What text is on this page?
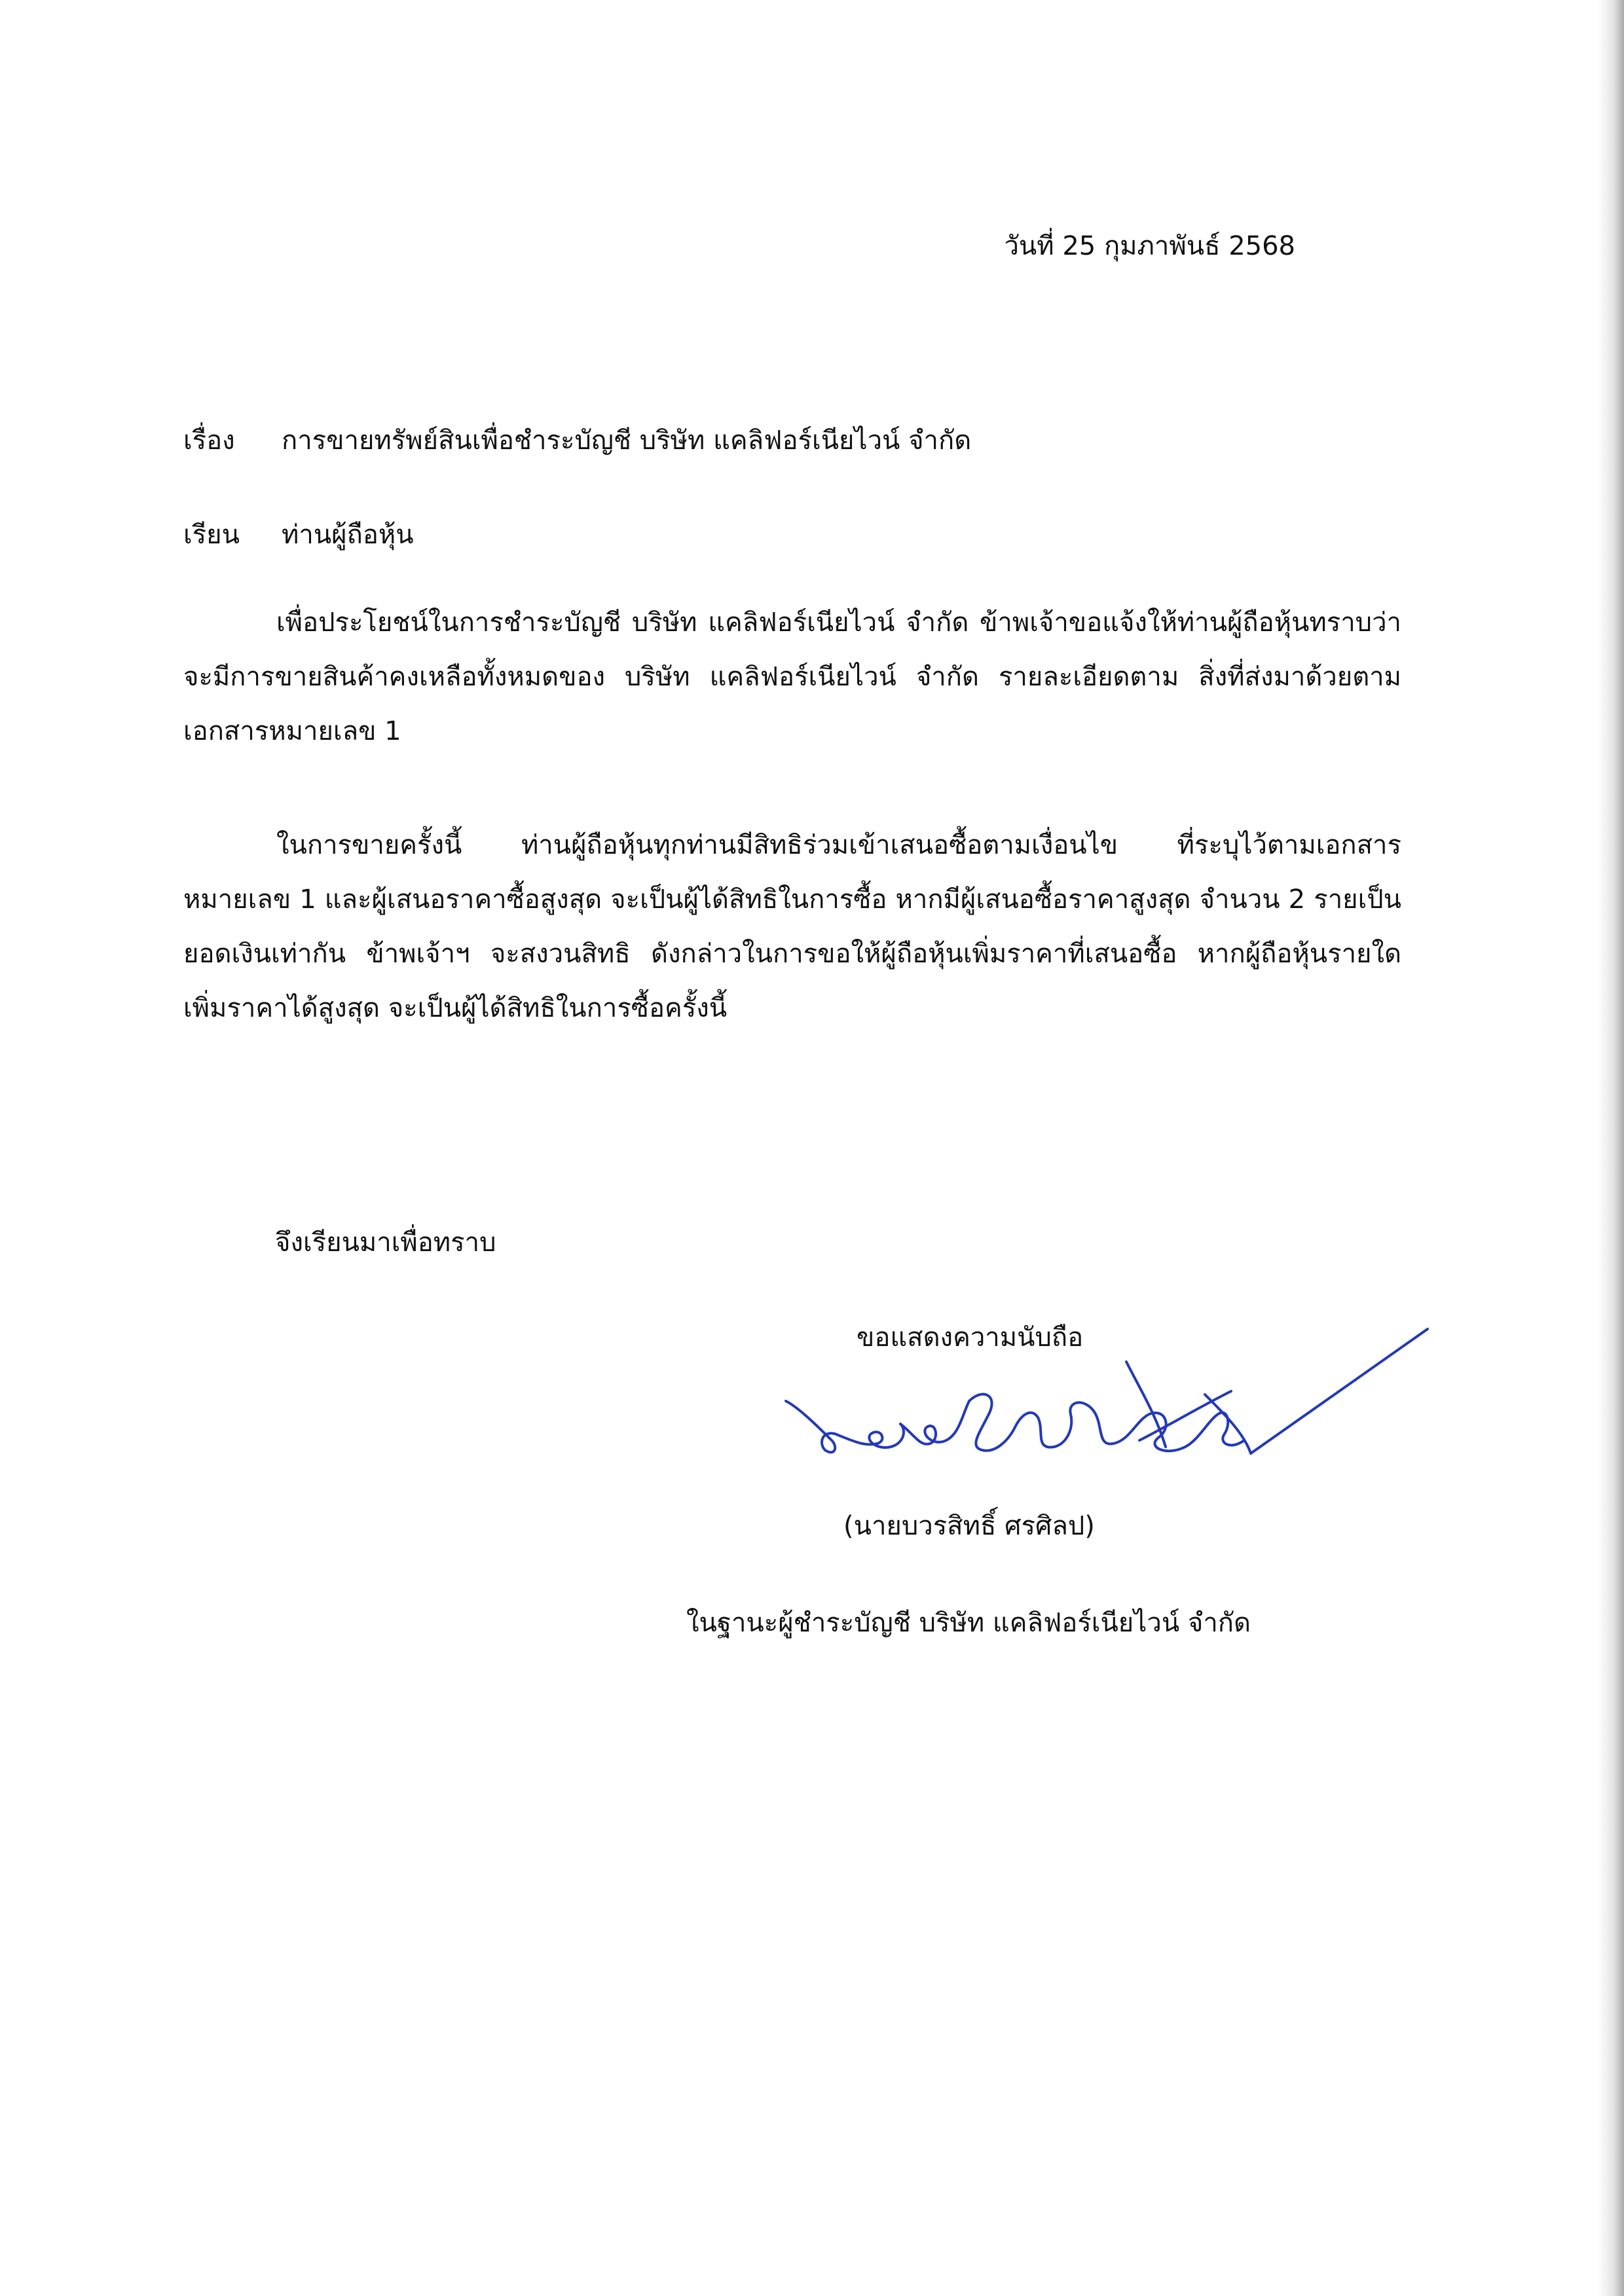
วันที่ 25 กุมภาพันธ์ 2568
เรื่อง การขายทรัพย์สินเพื่อชำระบัญชี บริษัท แคลิฟอร์เนียไวน์ จำกัด
เรียน ท่านผู้ถือหุ้น
เพื่อประโยชน์ในการชำระบัญชี บริษัท แคลิฟอร์เนียไวน์ จำกัด ข้าพเจ้าขอแจ้งให้ท่านผู้ถือหุ้นทราบว่า จะมีการขายสินค้าคงเหลือทั้งหมดของ บริษัท แคลิฟอร์เนียไวน์ จำกัด รายละเอียดตาม สิ่งที่ส่งมาด้วยตามเอกสารหมายเลข 1
ในการขายครั้งนี้ ท่านผู้ถือหุ้นทุกท่านมีสิทธิร่วมเข้าเสนอซื้อตามเงื่อนไข ที่ระบุไว้ตามเอกสารหมายเลข 1 และผู้เสนอราคาซื้อสูงสุด จะเป็นผู้ได้สิทธิในการซื้อ หากมีผู้เสนอซื้อราคาสูงสุด จำนวน 2 รายเป็นยอดเงินเท่ากัน ข้าพเจ้าฯ จะสงวนสิทธิ ดังกล่าวในการขอให้ผู้ถือหุ้นเพิ่มราคาที่เสนอซื้อ หากผู้ถือหุ้นรายใด เพิ่มราคาได้สูงสุด จะเป็นผู้ได้สิทธิในการซื้อครั้งนี้
จึงเรียนมาเพื่อทราบ
ขอแสดงความนับถือ
(นายบวรสิทธิ์ ศรศิลป)
ในฐานะผู้ชำระบัญชี บริษัท แคลิฟอร์เนียไวน์ จำกัด
